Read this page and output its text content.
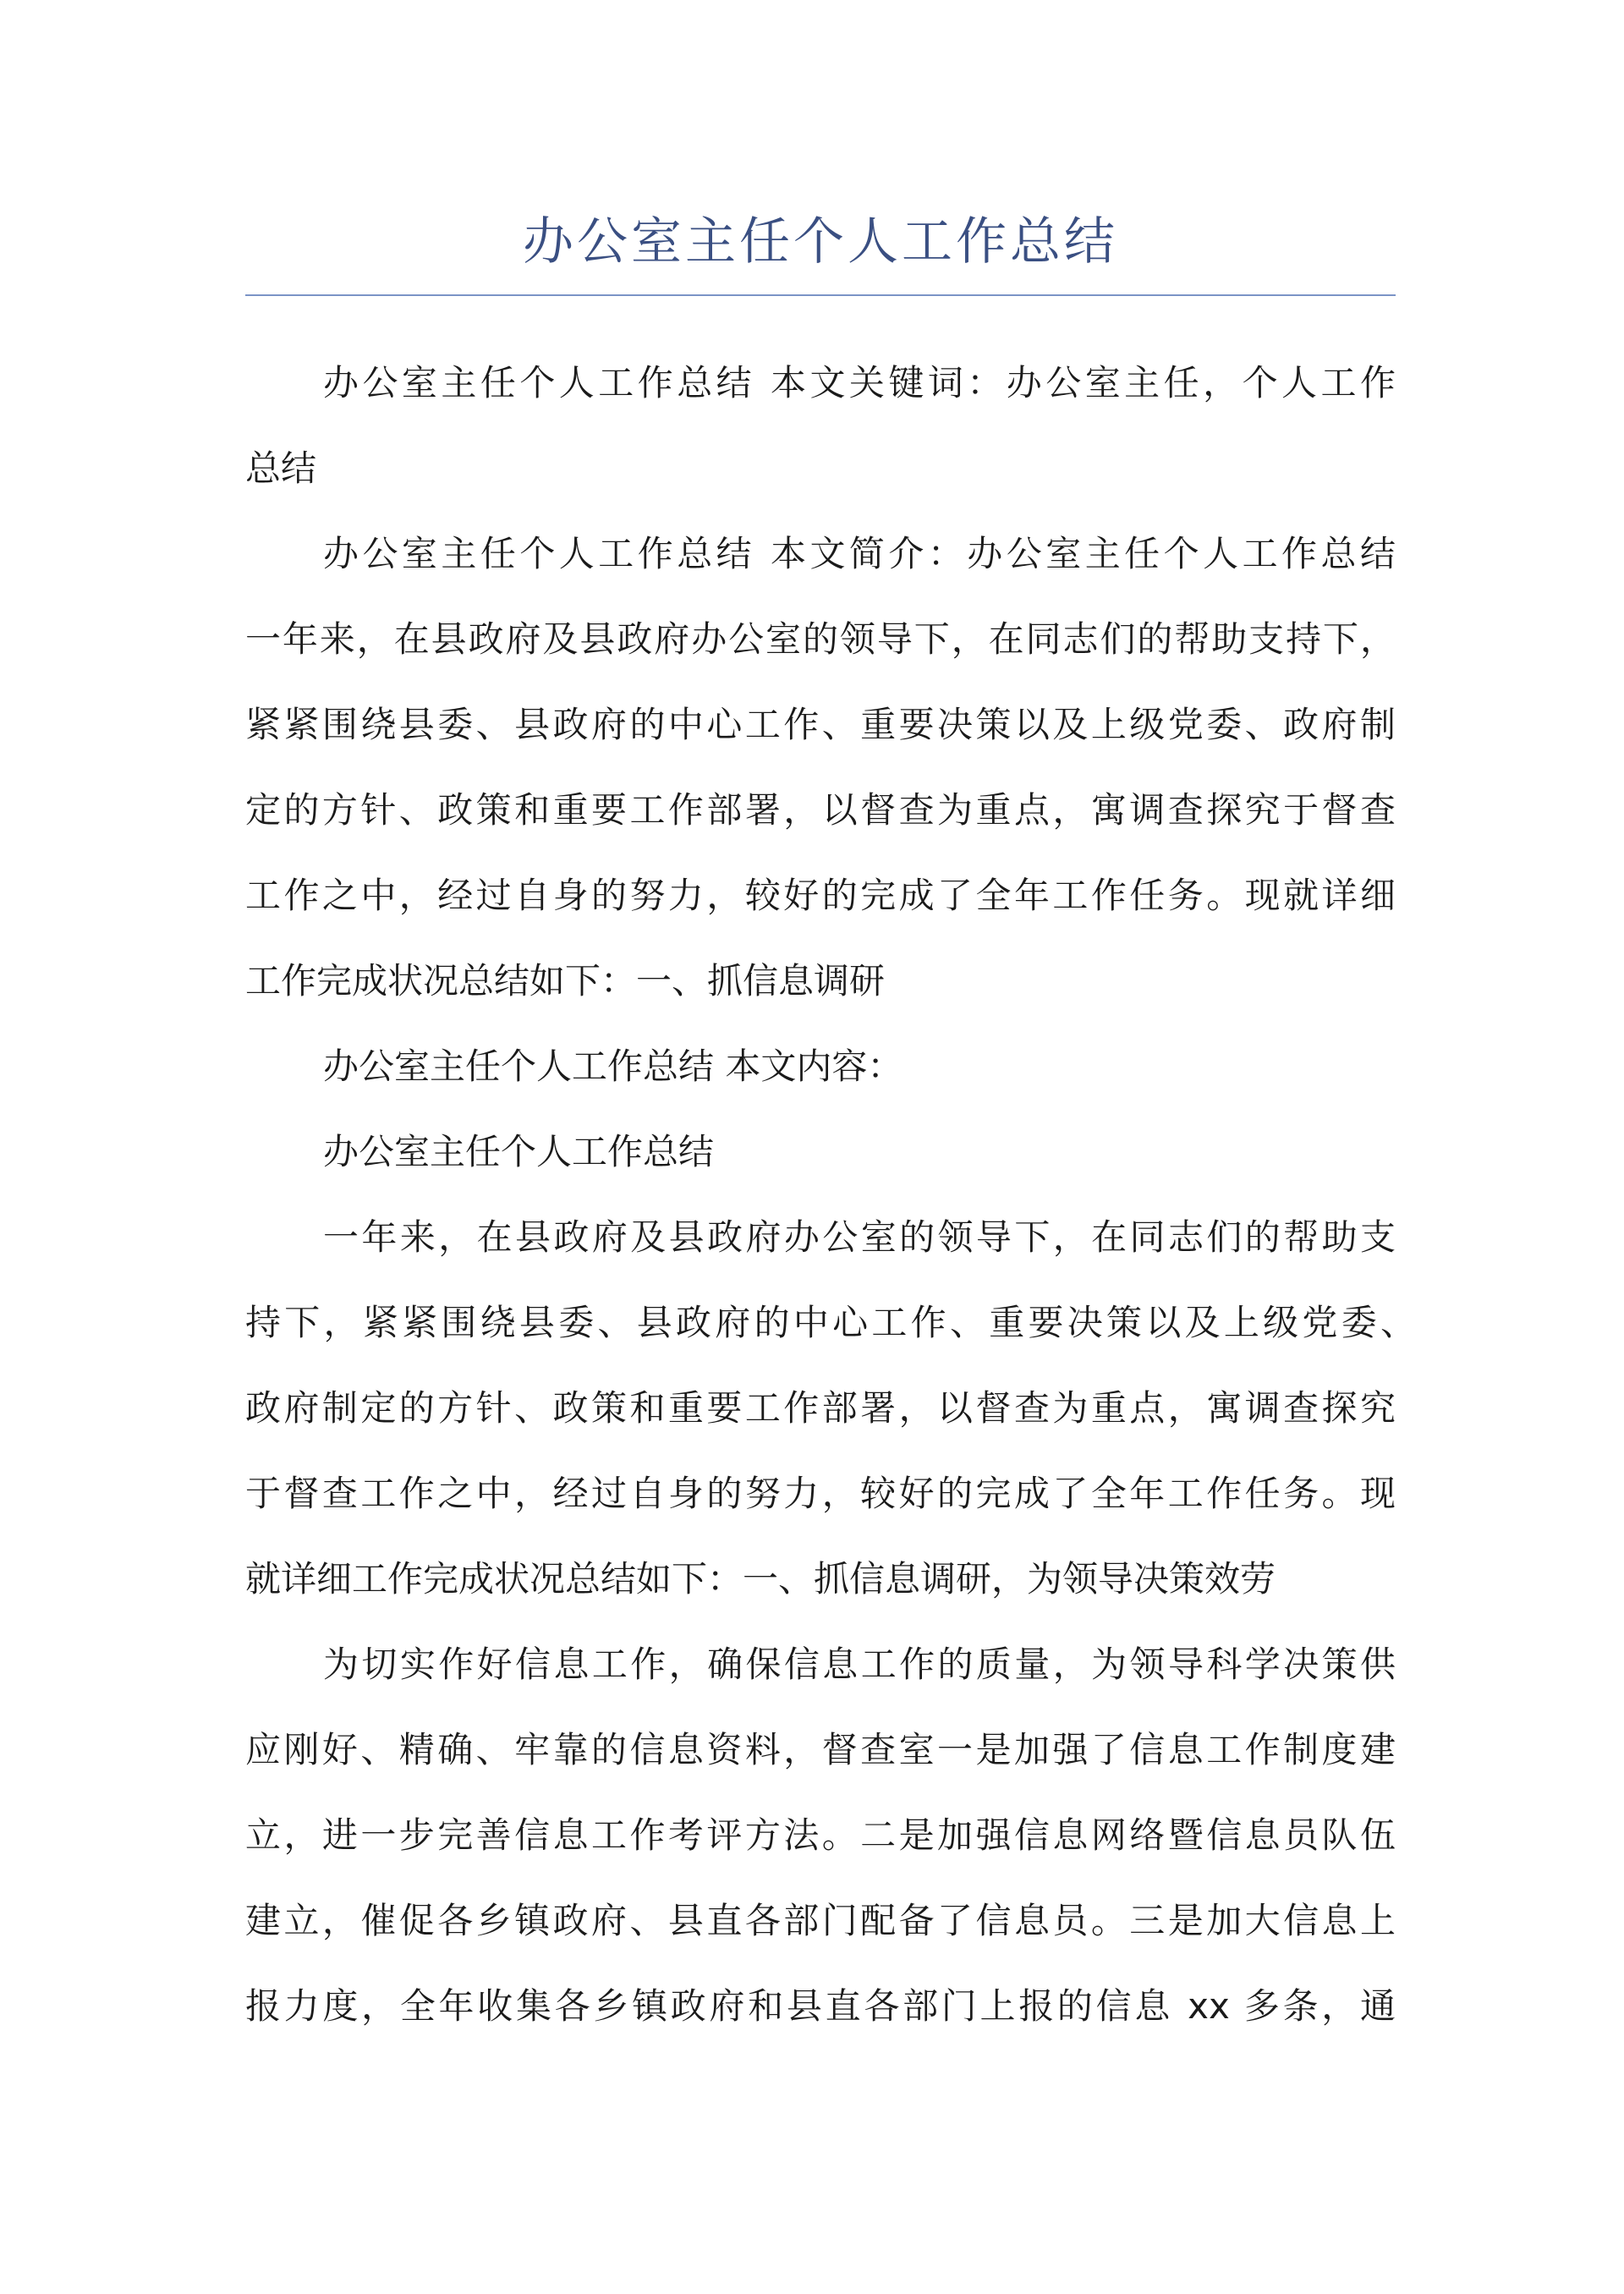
办公室主任个人工作总结
办公室主任个人工作总结 本文关键词：办公室主任，个人工作
总结
办公室主任个人工作总结 本文简介：办公室主任个人工作总结
一年来，在县政府及县政府办公室的领导下，在同志们的帮助支持下，
紧紧围绕县委、县政府的中心工作、重要决策以及上级党委、政府制
定的方针、政策和重要工作部署，以督查为重点，寓调查探究于督查
工作之中，经过自身的努力，较好的完成了全年工作任务。现就详细
工作完成状况总结如下：一、抓信息调研
办公室主任个人工作总结 本文内容：
办公室主任个人工作总结
一年来，在县政府及县政府办公室的领导下，在同志们的帮助支
持下，紧紧围绕县委、县政府的中心工作、重要决策以及上级党委、
政府制定的方针、政策和重要工作部署，以督查为重点，寓调查探究
于督查工作之中，经过自身的努力，较好的完成了全年工作任务。现
就详细工作完成状况总结如下：一、抓信息调研，为领导决策效劳
为切实作好信息工作，确保信息工作的质量，为领导科学决策供
应刚好、精确、牢靠的信息资料，督查室一是加强了信息工作制度建
立，进一步完善信息工作考评方法。二是加强信息网络暨信息员队伍
建立，催促各乡镇政府、县直各部门配备了信息员。三是加大信息上
报力度，全年收集各乡镇政府和县直各部门上报的信息 xx 多条，通
